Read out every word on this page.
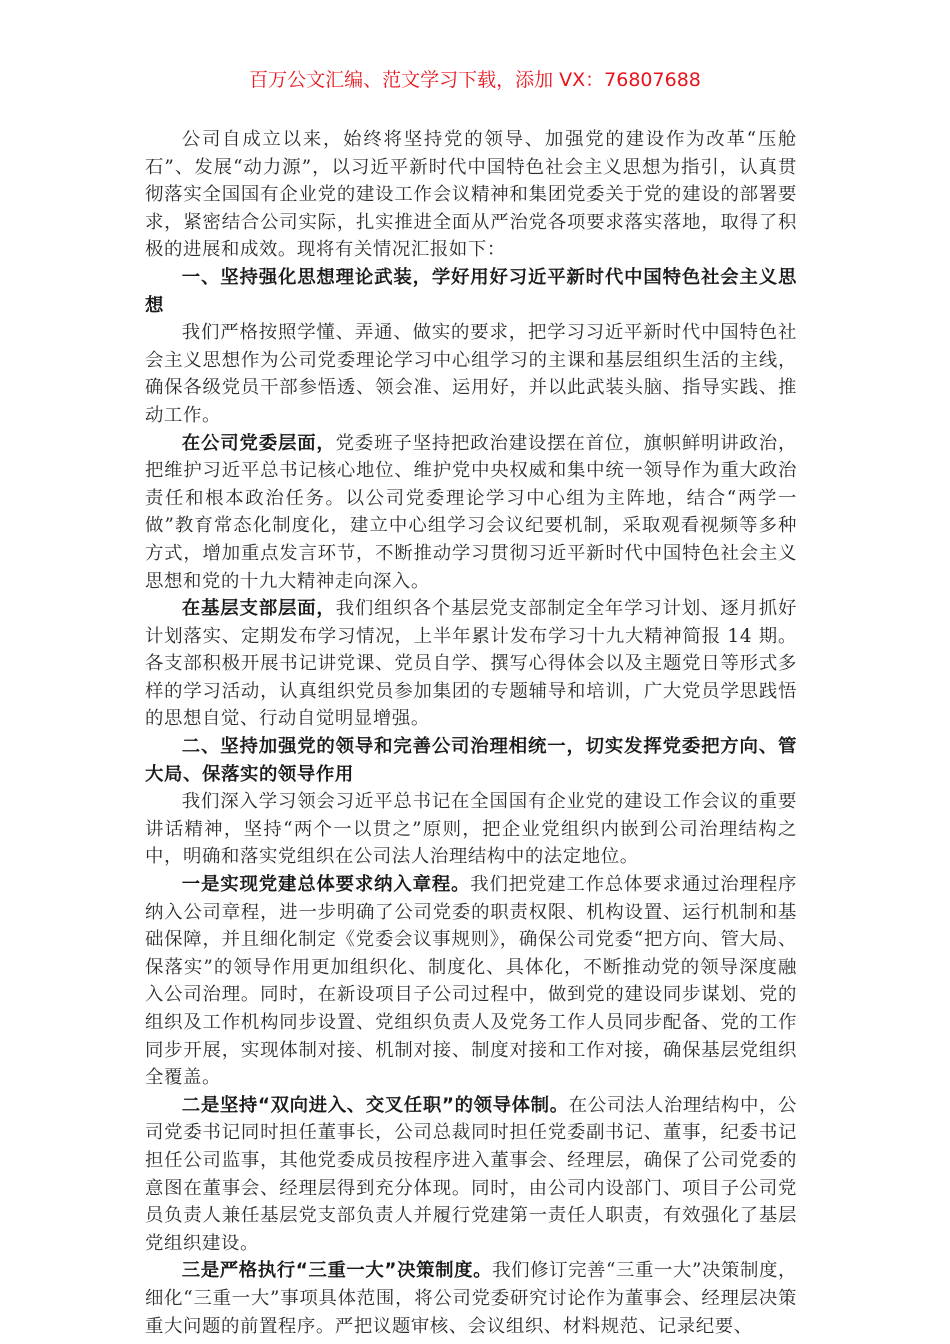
百万公文汇编、范文学习下载，添加 VX：76807688

公司自成立以来，始终将坚持党的领导、加强党的建设作为改革“压舱石”、发展“动力源”，以习近平新时代中国特色社会主义思想为指引，认真贯彻落实全国国有企业党的建设工作会议精神和集团党委关于党的建设的部署要求，紧密结合公司实际，扎实推进全面从严治党各项要求落实落地，取得了积极的进展和成效。现将有关情况汇报如下：

一、坚持强化思想理论武装，学好用好习近平新时代中国特色社会主义思想

我们严格按照学懂、弄通、做实的要求，把学习习近平新时代中国特色社会主义思想作为公司党委理论学习中心组学习的主课和基层组织生活的主线，确保各级党员干部参悟透、领会准、运用好，并以此武装头脑、指导实践、推动工作。

在公司党委层面，党委班子坚持把政治建设摆在首位，旗帜鲜明讲政治，把维护习近平总书记核心地位、维护党中央权威和集中统一领导作为重大政治责任和根本政治任务。以公司党委理论学习中心组为主阵地，结合“两学一做”教育常态化制度化，建立中心组学习会议纪要机制，采取观看视频等多种方式，增加重点发言环节，不断推动学习贯彻习近平新时代中国特色社会主义思想和党的十九大精神走向深入。

在基层支部层面，我们组织各个基层党支部制定全年学习计划、逐月抓好计划落实、定期发布学习情况，上半年累计发布学习十九大精神简报 14 期。各支部积极开展书记讲党课、党员自学、撰写心得体会以及主题党日等形式多样的学习活动，认真组织党员参加集团的专题辅导和培训，广大党员学思践悟的思想自觉、行动自觉明显增强。

二、坚持加强党的领导和完善公司治理相统一，切实发挥党委把方向、管大局、保落实的领导作用

我们深入学习领会习近平总书记在全国国有企业党的建设工作会议的重要讲话精神，坚持“两个一以贯之”原则，把企业党组织内嵌到公司治理结构之中，明确和落实党组织在公司法人治理结构中的法定地位。

一是实现党建总体要求纳入章程。我们把党建工作总体要求通过治理程序纳入公司章程，进一步明确了公司党委的职责权限、机构设置、运行机制和基础保障，并且细化制定《党委会议事规则》，确保公司党委“把方向、管大局、保落实”的领导作用更加组织化、制度化、具体化，不断推动党的领导深度融入公司治理。同时，在新设项目子公司过程中，做到党的建设同步谋划、党的组织及工作机构同步设置、党组织负责人及党务工作人员同步配备、党的工作同步开展，实现体制对接、机制对接、制度对接和工作对接，确保基层党组织全覆盖。

二是坚持“双向进入、交叉任职”的领导体制。在公司法人治理结构中，公司党委书记同时担任董事长，公司总裁同时担任党委副书记、董事，纪委书记担任公司监事，其他党委成员按程序进入董事会、经理层，确保了公司党委的意图在董事会、经理层得到充分体现。同时，由公司内设部门、项目子公司党员负责人兼任基层党支部负责人并履行党建第一责任人职责，有效强化了基层党组织建设。

三是严格执行“三重一大”决策制度。我们修订完善“三重一大”决策制度，细化“三重一大”事项具体范围，将公司党委研究讨论作为董事会、经理层决策重大问题的前置程序。严把议题审核、会议组织、材料规范、记录纪要、
